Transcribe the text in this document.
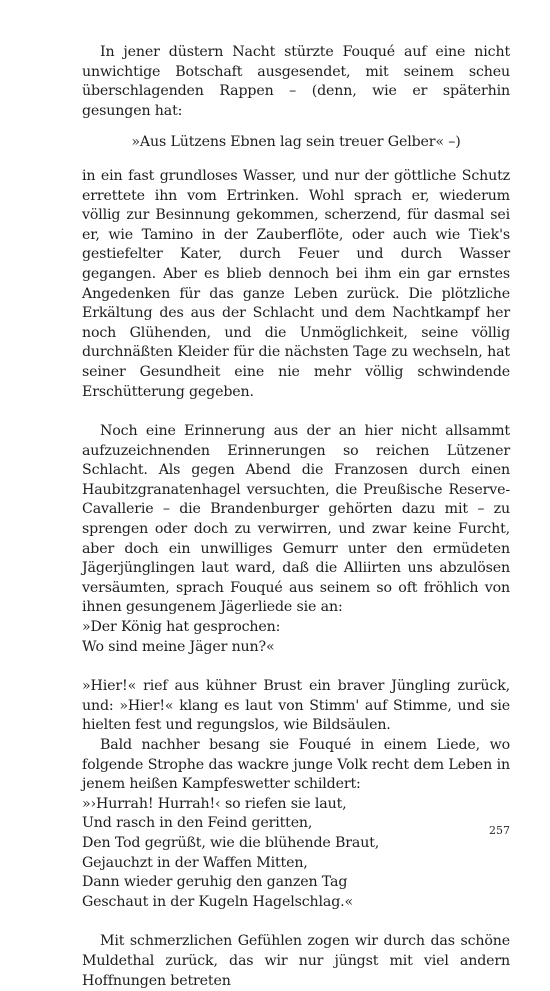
In jener düstern Nacht stürzte Fouqué auf eine nicht unwichtige Botschaft ausgesendet, mit seinem scheu überschlagenden Rappen – (denn, wie er späterhin gesungen hat:

»Aus Lützens Ebnen lag sein treuer Gelber« –)

in ein fast grundloses Wasser, und nur der göttliche Schutz errettete ihn vom Ertrinken. Wohl sprach er, wiederum völlig zur Besinnung gekommen, scherzend, für dasmal sei er, wie Tamino in der Zauberflöte, oder auch wie Tiek's gestiefelter Kater, durch Feuer und durch Wasser gegangen. Aber es blieb dennoch bei ihm ein gar ernstes Angedenken für das ganze Leben zurück. Die plötzliche Erkältung des aus der Schlacht und dem Nachtkampf her noch Glühenden, und die Unmöglichkeit, seine völlig durchnäßten Kleider für die nächsten Tage zu wechseln, hat seiner Gesundheit eine nie mehr völlig schwindende Erschütterung gegeben.

Noch eine Erinnerung aus der an hier nicht allsammt aufzuzeichnenden Erinnerungen so reichen Lützener Schlacht. Als gegen Abend die Franzosen durch einen Haubitzgranatenhagel versuchten, die Preußische Reserve-Cavallerie – die Brandenburger gehörten dazu mit – zu sprengen oder doch zu verwirren, und zwar keine Furcht, aber doch ein unwilliges Gemurr unter den ermüdeten Jägerjünglingen laut ward, daß die Alliirten uns abzulösen versäumten, sprach Fouqué aus seinem so oft fröhlich von ihnen gesungenem Jägerliede sie an:

»Der König hat gesprochen:
Wo sind meine Jäger nun?«

»Hier!« rief aus kühner Brust ein braver Jüngling zurück, und: »Hier!« klang es laut von Stimm' auf Stimme, und sie hielten fest und regungslos, wie Bildsäulen.

Bald nachher besang sie Fouqué in einem Liede, wo folgende Strophe das wackre junge Volk recht dem Leben in jenem heißen Kampfeswetter schildert:

»›Hurrah! Hurrah!‹ so riefen sie laut,
Und rasch in den Feind geritten,
Den Tod gegrüßt, wie die blühende Braut,
Gejauchzt in der Waffen Mitten,
Dann wieder geruhig den ganzen Tag
Geschaut in der Kugeln Hagelschlag.«

Mit schmerzlichen Gefühlen zogen wir durch das schöne Muldethal zurück, das wir nur jüngst mit viel andern Hoffnungen betreten

257
